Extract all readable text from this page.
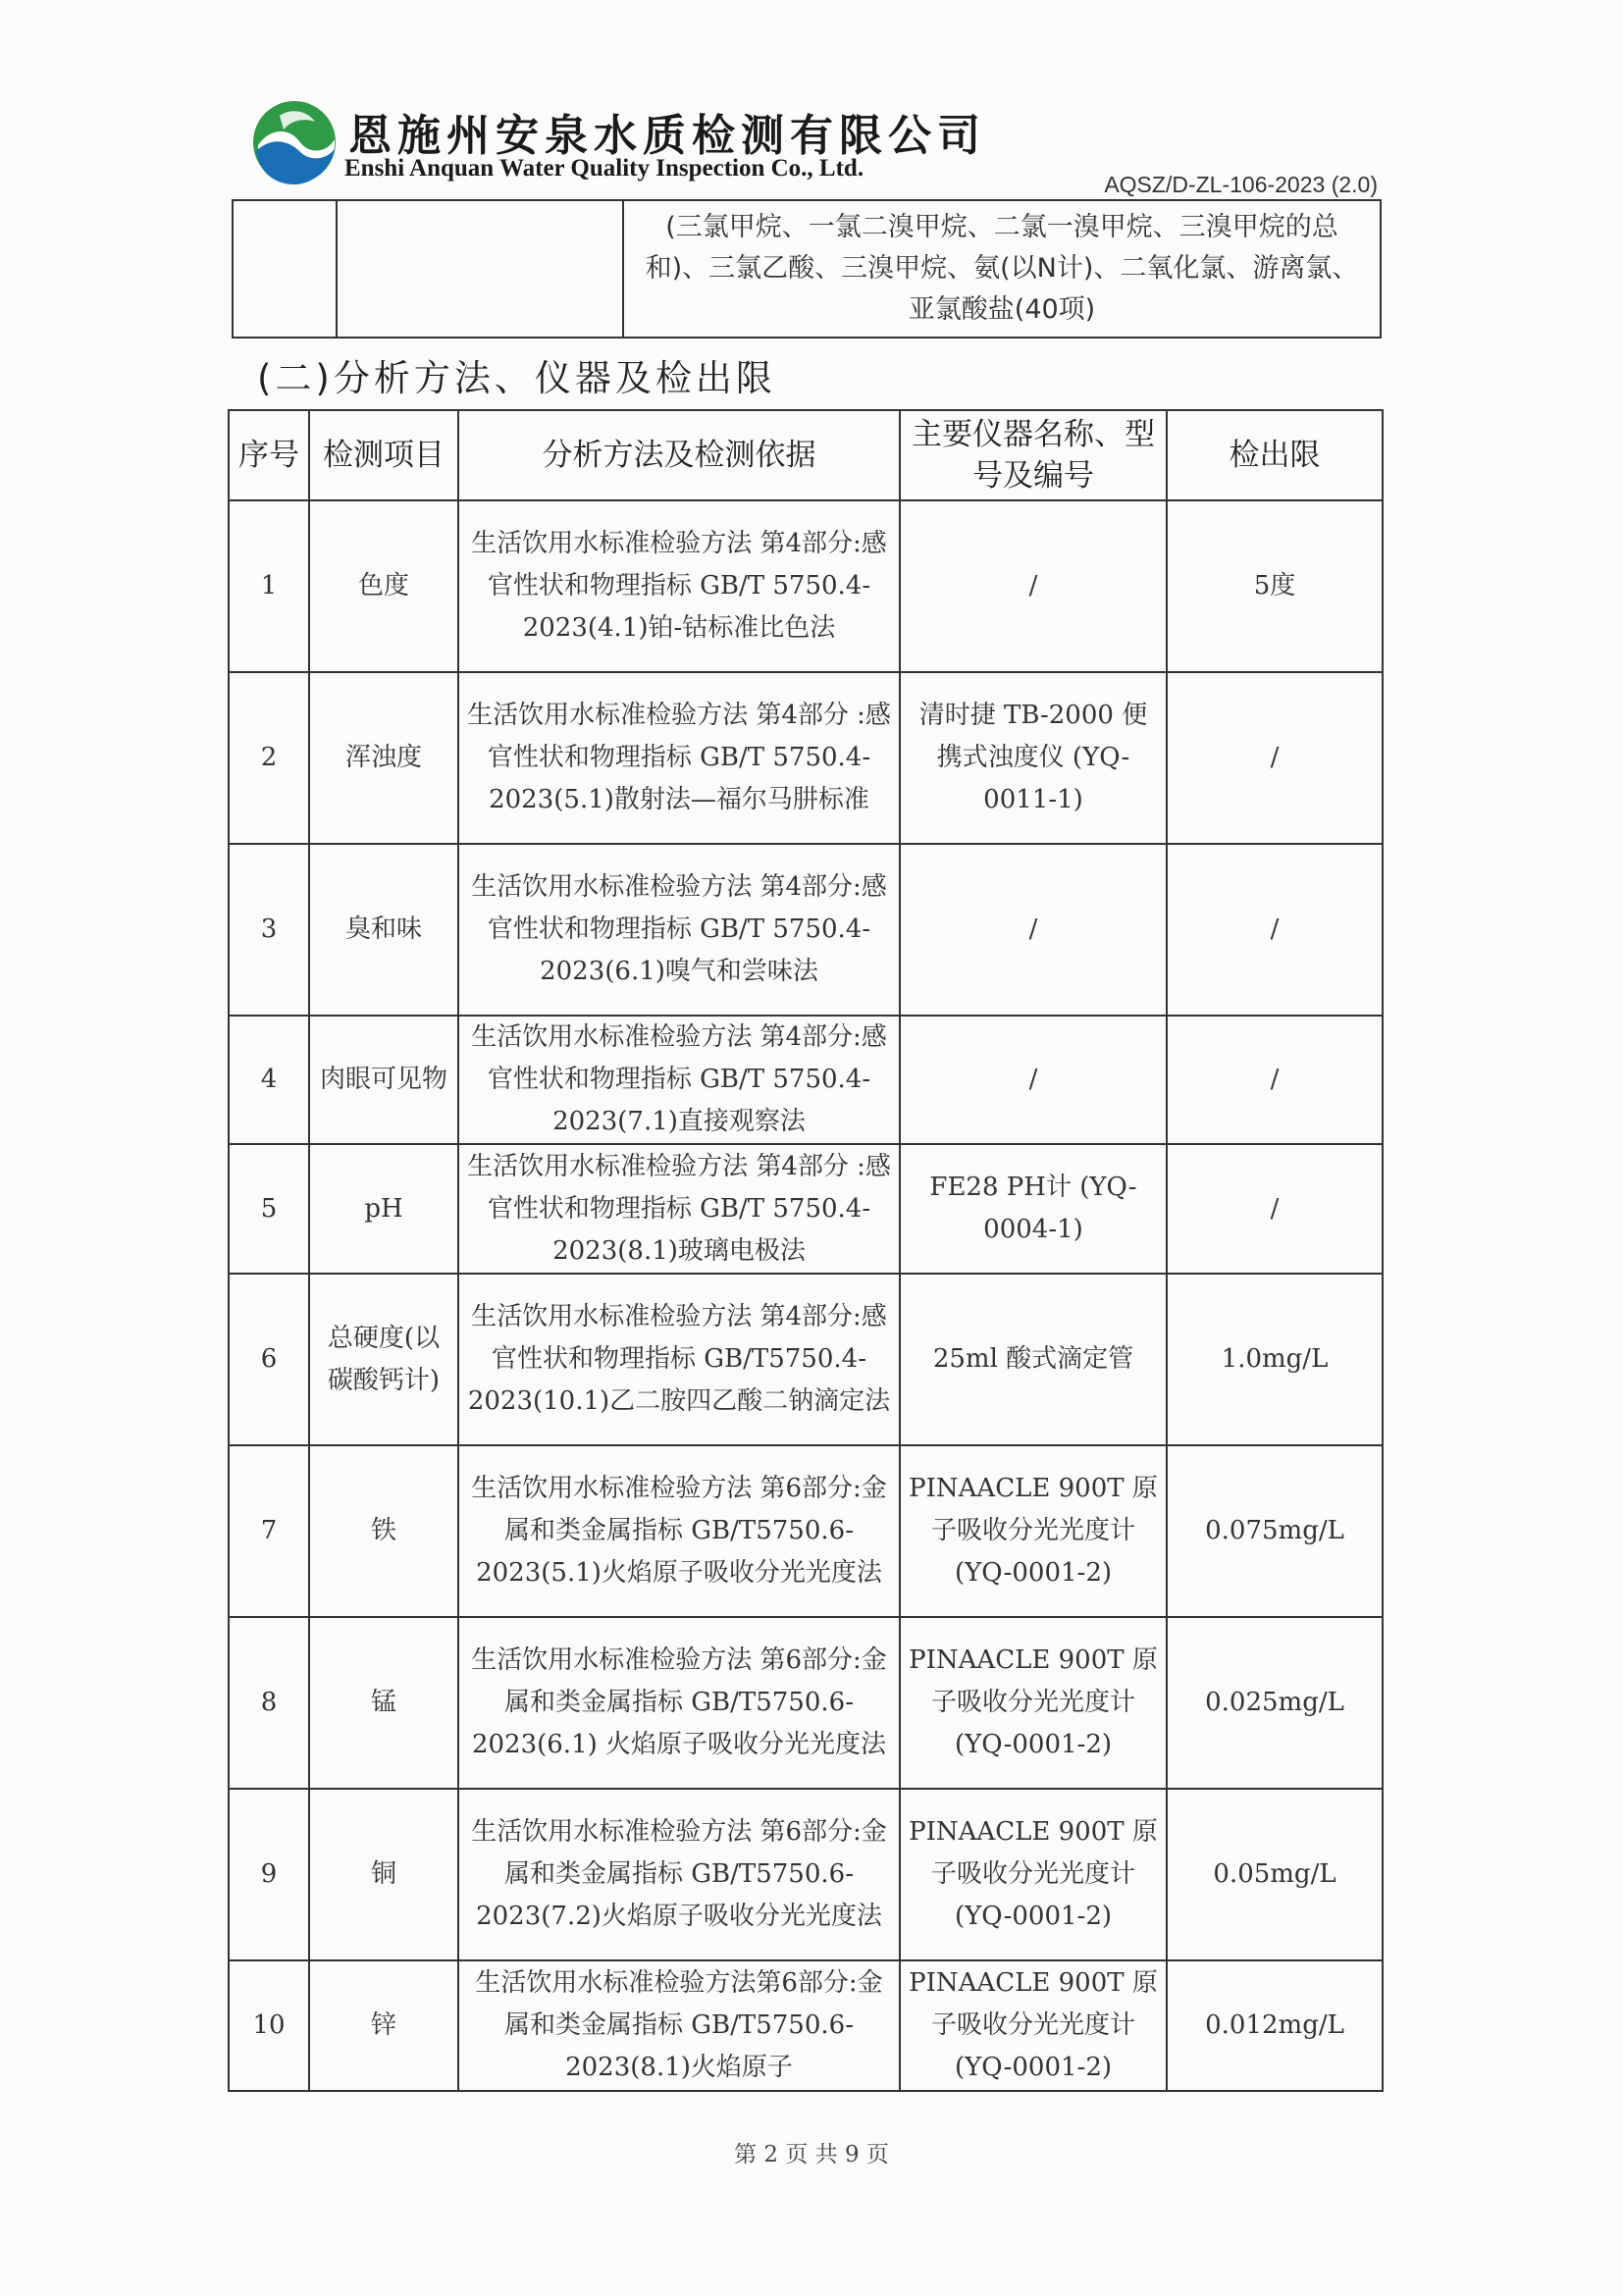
恩施州安泉水质检测有限公司
Enshi Anquan Water Quality Inspection Co., Ltd.
AQSZ/D-ZL-106-2023 (2.0)
		(三氯甲烷、一氯二溴甲烷、二氯一溴甲烷、三溴甲烷的总和)、三氯乙酸、三溴甲烷、氨(以N计)、二氧化氯、游离氯、亚氯酸盐(40项)
(二)分析方法、仪器及检出限
序号	检测项目	分析方法及检测依据	主要仪器名称、型号及编号	检出限
1	色度	生活饮用水标准检验方法 第4部分:感官性状和物理指标 GB/T 5750.4-2023(4.1)铂-钴标准比色法	/	5度
2	浑浊度	生活饮用水标准检验方法 第4部分 :感官性状和物理指标 GB/T 5750.4-2023(5.1)散射法—福尔马肼标准	清时捷 TB-2000 便携式浊度仪 (YQ-0011-1)	/
3	臭和味	生活饮用水标准检验方法 第4部分:感官性状和物理指标 GB/T 5750.4-2023(6.1)嗅气和尝味法	/	/
4	肉眼可见物	生活饮用水标准检验方法 第4部分:感官性状和物理指标 GB/T 5750.4-2023(7.1)直接观察法	/	/
5	pH	生活饮用水标准检验方法 第4部分 :感官性状和物理指标 GB/T 5750.4-2023(8.1)玻璃电极法	FE28 PH计 (YQ-0004-1)	/
6	总硬度(以碳酸钙计)	生活饮用水标准检验方法 第4部分:感官性状和物理指标 GB/T5750.4-2023(10.1)乙二胺四乙酸二钠滴定法	25ml 酸式滴定管	1.0mg/L
7	铁	生活饮用水标准检验方法 第6部分:金属和类金属指标 GB/T5750.6-2023(5.1)火焰原子吸收分光光度法	PINAACLE 900T 原子吸收分光光度计(YQ-0001-2)	0.075mg/L
8	锰	生活饮用水标准检验方法 第6部分:金属和类金属指标 GB/T5750.6-2023(6.1) 火焰原子吸收分光光度法	PINAACLE 900T 原子吸收分光光度计(YQ-0001-2)	0.025mg/L
9	铜	生活饮用水标准检验方法 第6部分:金属和类金属指标 GB/T5750.6-2023(7.2)火焰原子吸收分光光度法	PINAACLE 900T 原子吸收分光光度计(YQ-0001-2)	0.05mg/L
10	锌	生活饮用水标准检验方法第6部分:金属和类金属指标 GB/T5750.6-2023(8.1)火焰原子	PINAACLE 900T 原子吸收分光光度计(YQ-0001-2)	0.012mg/L
第 2 页 共 9 页
